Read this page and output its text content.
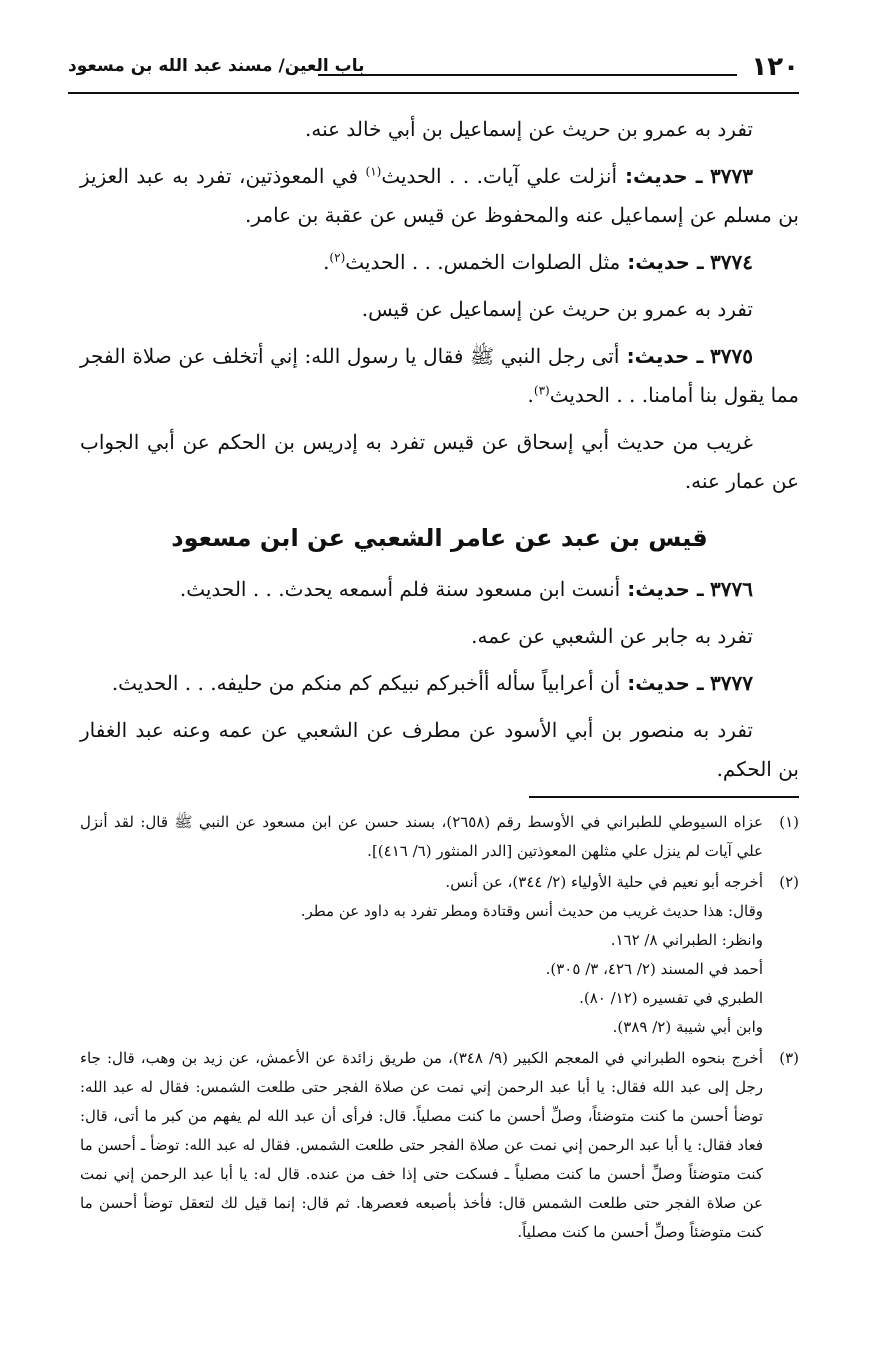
١٢٠
باب العين/ مسند عبد الله بن مسعود

تفرد به عمرو بن حريث عن إسماعيل بن أبي خالد عنه.

٣٧٧٣ ـ حديث: أنزلت علي آيات. . . الحديث$^{(١)}$ في المعوذتين، تفرد به عبد العزيز بن مسلم عن إسماعيل عنه والمحفوظ عن قيس عن عقبة بن عامر.

٣٧٧٤ ـ حديث: مثل الصلوات الخمس. . . الحديث$^{(٢)}$.

تفرد به عمرو بن حريث عن إسماعيل عن قيس.

٣٧٧٥ ـ حديث: أتى رجل النبي ﷺ فقال يا رسول الله: إني أتخلف عن صلاة الفجر مما يقول بنا أمامنا. . . الحديث$^{(٣)}$.

غريب من حديث أبي إسحاق عن قيس تفرد به إدريس بن الحكم عن أبي الجواب عن عمار عنه.

قيس بن عبد عن عامر الشعبي عن ابن مسعود

٣٧٧٦ ـ حديث: أنست ابن مسعود سنة فلم أسمعه يحدث. . . الحديث.

تفرد به جابر عن الشعبي عن عمه.

٣٧٧٧ ـ حديث: أن أعرابياً سأله أأخبركم نبيكم كم منكم من حليفه. . . الحديث.

تفرد به منصور بن أبي الأسود عن مطرف عن الشعبي عن عمه وعنه عبد الغفار بن الحكم.

(١)
عزاه السيوطي للطبراني في الأوسط رقم (٢٦٥٨)، بسند حسن عن ابن مسعود عن النبي ﷺ قال: لقد أنزل علي آيات لم ينزل علي مثلهن المعوذتين [الدر المنثور (٦/ ٤١٦)].
(٢)
أخرجه أبو نعيم في حلية الأولياء (٢/ ٣٤٤)، عن أنس.
وقال: هذا حديث غريب من حديث أنس وقتادة ومطر تفرد به داود عن مطر.
وانظر: الطبراني ٨/ ١٦٢.
أحمد في المسند (٢/ ٤٢٦، ٣/ ٣٠٥).
الطبري في تفسيره (١٢/ ٨٠).
وابن أبي شيبة (٢/ ٣٨٩).
(٣)
أخرج بنحوه الطبراني في المعجم الكبير (٩/ ٣٤٨)، من طريق زائدة عن الأعمش، عن زيد بن وهب، قال: جاء رجل إلى عبد الله فقال: يا أبا عبد الرحمن إني نمت عن صلاة الفجر حتى طلعت الشمس: فقال له عبد الله: توضأ أحسن ما كنت متوضئاً، وصلِّ أحسن ما كنت مصلياً. قال: فرأى أن عبد الله لم يفهم من كبر ما أتى، قال: فعاد فقال: يا أبا عبد الرحمن إني نمت عن صلاة الفجر حتى طلعت الشمس. فقال له عبد الله: توضأ ـ أحسن ما كنت متوضئاً وصلِّ أحسن ما كنت مصلياً ـ فسكت حتى إذا خف من عنده. قال له: يا أبا عبد الرحمن إني نمت عن صلاة الفجر حتى طلعت الشمس قال: فأخذ بأصبعه فعصرها. ثم قال: إنما قيل لك لتعقل توضأ أحسن ما كنت متوضئاً وصلِّ أحسن ما كنت مصلياً.
